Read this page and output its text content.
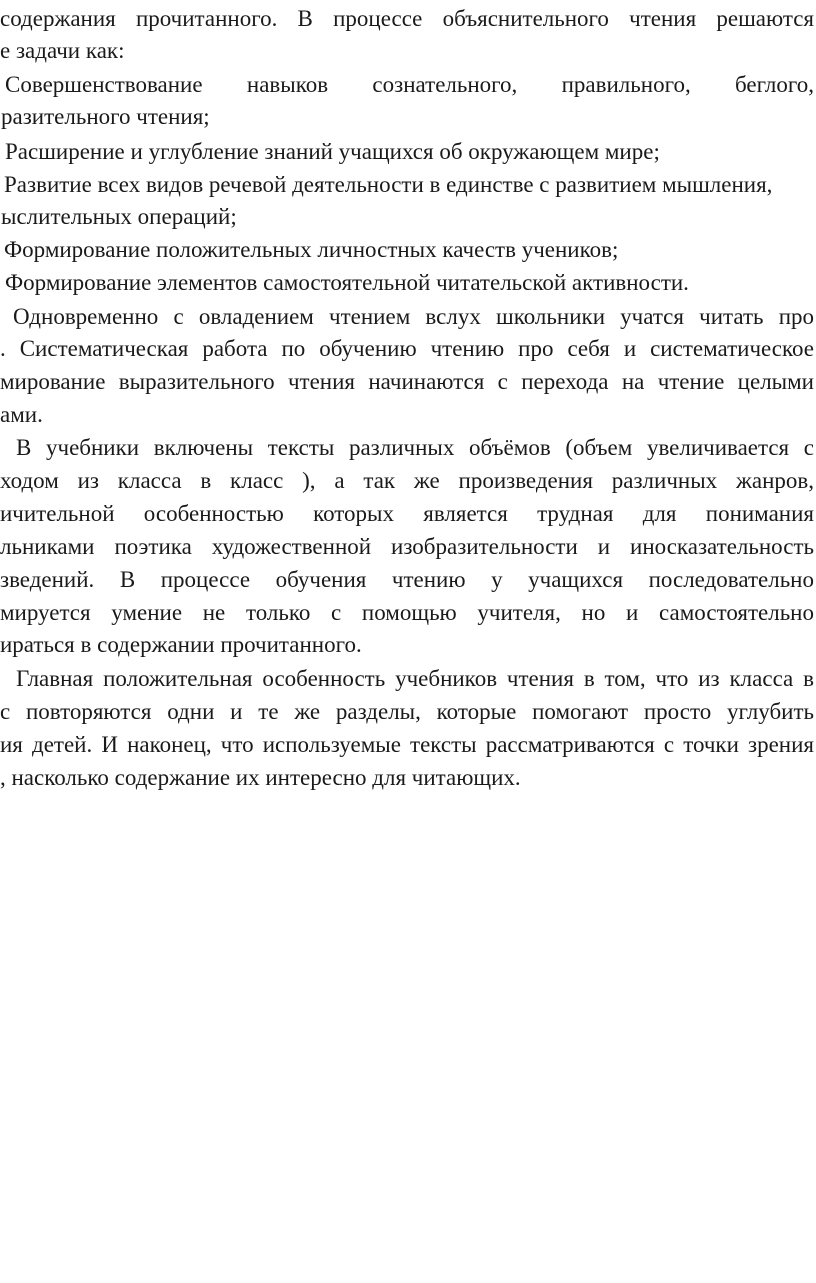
содержания прочитанного. В процессе объяснительного чтения решаются
е задачи как:
Совершенствование навыков сознательного, правильного, беглого,
разительного чтения;
Расширение и углубление знаний учащихся об окружающем мире;
Развитие всех видов речевой деятельности в единстве с развитием мышления,
ыслительных операций;
Формирование положительных личностных качеств учеников;
Формирование элементов самостоятельной читательской активности.
Одновременно с овладением чтением вслух школьники учатся читать про
. Систематическая работа по обучению чтению про себя и систематическое
мирование выразительного чтения начинаются с перехода на чтение целыми
ами.
В учебники включены тексты различных объёмов (объем увеличивается с
ходом из класса в класс ), а так же произведения различных жанров,
ичительной особенностью которых является трудная для понимания
льниками поэтика художественной изобразительности и иносказательность
зведений. В процессе обучения чтению у учащихся последовательно
мируется умение не только с помощью учителя, но и самостоятельно
ираться в содержании прочитанного.
Главная положительная особенность учебников чтения в том, что из класса в
с повторяются одни и те же разделы, которые помогают просто углубить
ия детей. И наконец, что используемые тексты рассматриваются с точки зрения
, насколько содержание их интересно для читающих.
